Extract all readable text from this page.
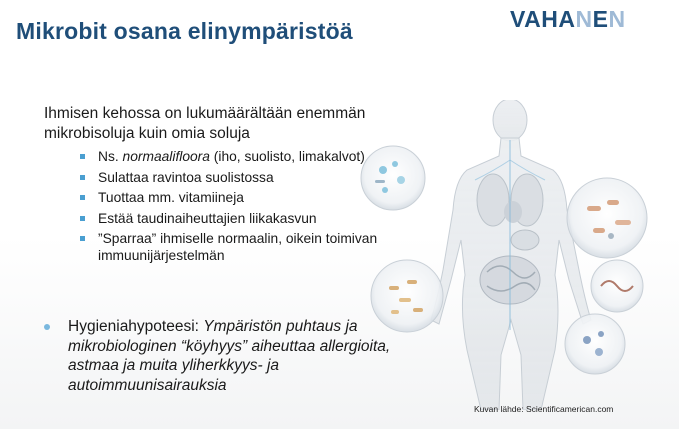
Mikrobit osana elinympäristöä	VAHANEN

Ihmisen kehossa on lukumäärältään enemmän mikrobisoluja kuin omia soluja

Ns. normaalifloora (iho, suolisto, limakalvot)
Sulattaa ravintoa suolistossa
Tuottaa mm. vitamiineja
Estää taudinaiheuttajien liikakasvun
”Sparraa” ihmiselle normaalin, oikein toimivan immuunijärjestelmän
Hygieniahypoteesi: Ympäristön puhtaus ja mikrobiologinen “köyhyys” aiheuttaa allergioita, astmaa ja muita yliherkkyys- ja autoimmuunisairauksia
Kuvan lähde: Scientificamerican.com
